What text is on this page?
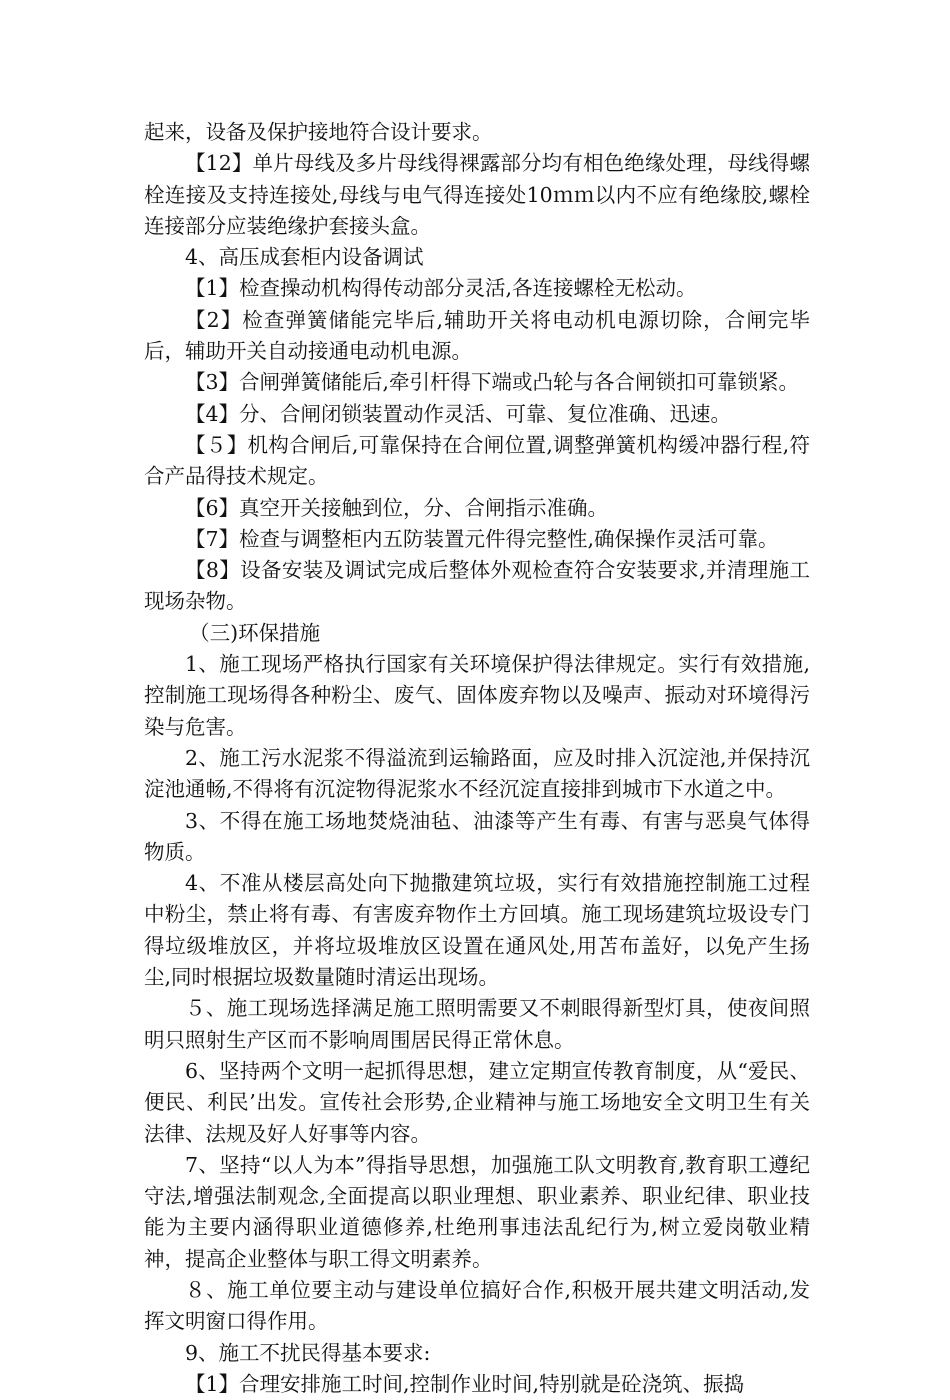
起来，设备及保护接地符合设计要求。

【12】单片母线及多片母线得裸露部分均有相色绝缘处理，母线得螺栓连接及支持连接处,母线与电气得连接处10ｍｍ以内不应有绝缘胶,螺栓连接部分应装绝缘护套接头盒。

4、高压成套柜内设备调试

【1】检查操动机构得传动部分灵活,各连接螺栓无松动。

【2】检查弹簧储能完毕后,辅助开关将电动机电源切除，合闸完毕后，辅助开关自动接通电动机电源。

【3】合闸弹簧储能后,牵引杆得下端或凸轮与各合闸锁扣可靠锁紧。

【4】分、合闸闭锁装置动作灵活、可靠、复位准确、迅速。

【５】机构合闸后,可靠保持在合闸位置,调整弹簧机构缓冲器行程,符合产品得技术规定。

【6】真空开关接触到位，分、合闸指示准确。

【7】检查与调整柜内五防装置元件得完整性,确保操作灵活可靠。

【8】设备安装及调试完成后整体外观检查符合安装要求,并清理施工现场杂物。

（三)环保措施

1、施工现场严格执行国家有关环境保护得法律规定。实行有效措施,控制施工现场得各种粉尘、废气、固体废弃物以及噪声、振动对环境得污染与危害。

2、施工污水泥浆不得溢流到运输路面，应及时排入沉淀池,并保持沉淀池通畅,不得将有沉淀物得泥浆水不经沉淀直接排到城市下水道之中。

3、不得在施工场地焚烧油毡、油漆等产生有毒、有害与恶臭气体得物质。

4、不准从楼层高处向下抛撒建筑垃圾，实行有效措施控制施工过程中粉尘，禁止将有毒、有害废弃物作土方回填。施工现场建筑垃圾设专门得垃级堆放区，并将垃圾堆放区设置在通风处,用苫布盖好，以免产生扬尘,同时根据垃圾数量随时清运出现场。

５、施工现场选择满足施工照明需要又不刺眼得新型灯具，使夜间照明只照射生产区而不影响周围居民得正常休息。

6、坚持两个文明一起抓得思想，建立定期宣传教育制度，从“爱民、便民、利民’出发。宣传社会形势,企业精神与施工场地安全文明卫生有关法律、法规及好人好事等内容。

7、坚持“以人为本”得指导思想，加强施工队文明教育,教育职工遵纪守法,增强法制观念,全面提高以职业理想、职业素养、职业纪律、职业技能为主要内涵得职业道德修养,杜绝刑事违法乱纪行为,树立爱岗敬业精神，提高企业整体与职工得文明素养。

８、施工单位要主动与建设单位搞好合作,积极开展共建文明活动,发挥文明窗口得作用。

9、施工不扰民得基本要求:

【1】合理安排施工时间,控制作业时间,特别就是砼浇筑、振捣
